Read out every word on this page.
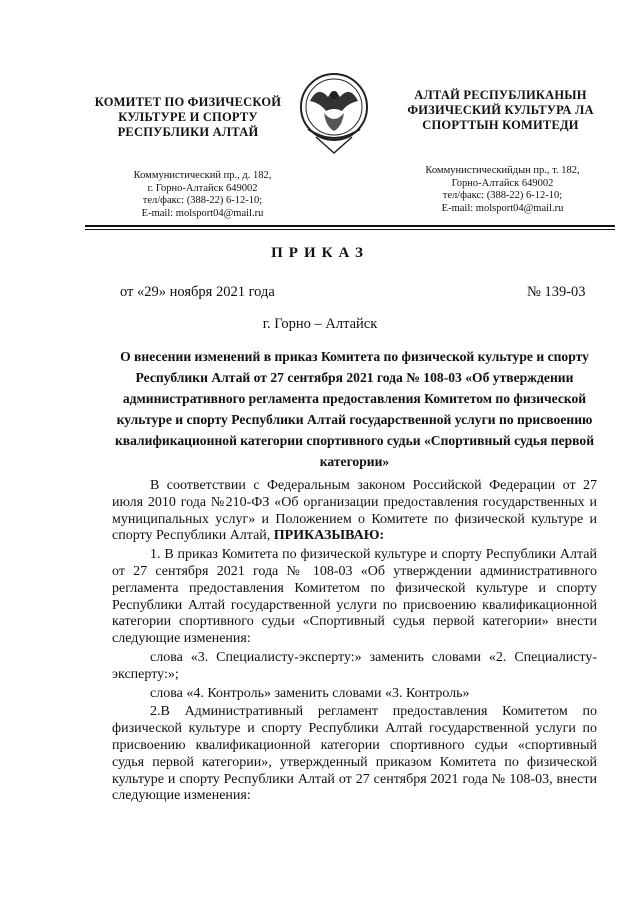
КОМИТЕТ ПО ФИЗИЧЕСКОЙ
КУЛЬТУРЕ И СПОРТУ
РЕСПУБЛИКИ АЛТАЙ
АЛТАЙ РЕСПУБЛИКАНЫН
ФИЗИЧЕСКИЙ КУЛЬТУРА ЛА
СПОРТТЫН КОМИТЕДИ
Коммунистический пр., д. 182,
г. Горно-Алтайск 649002
тел/факс: (388-22) 6-12-10;
E-mail: molsport04@mail.ru
Коммунистическийдын пр., т. 182,
Горно-Алтайск 649002
тел/факс: (388-22) 6-12-10;
E-mail: molsport04@mail.ru
ПРИКАЗ
от «29» ноября 2021 года	№ 139-03
г. Горно – Алтайск
О внесении изменений в приказ Комитета по физической культуре и спорту Республики Алтай от 27 сентября 2021 года № 108-03 «Об утверждении административного регламента предоставления Комитетом по физической культуре и спорту Республики Алтай государственной услуги по присвоению квалификационной категории спортивного судьи «Спортивный судья первой категории»

В соответствии с Федеральным законом Российской Федерации от 27 июля 2010 года №210-ФЗ «Об организации предоставления государственных и муниципальных услуг» и Положением о Комитете по физической культуре и спорту Республики Алтай, ПРИКАЗЫВАЮ:

1. В приказ Комитета по физической культуре и спорту Республики Алтай от 27 сентября 2021 года № 108-03 «Об утверждении административного регламента предоставления Комитетом по физической культуре и спорту Республики Алтай государственной услуги по присвоению квалификационной категории спортивного судьи «Спортивный судья первой категории» внести следующие изменения:

слова «3. Специалисту-эксперту:» заменить словами «2. Специалисту-эксперту:»;

слова «4. Контроль» заменить словами «3. Контроль»

2.В Административный регламент предоставления Комитетом по физической культуре и спорту Республики Алтай государственной услуги по присвоению квалификационной категории спортивного судьи «спортивный судья первой категории», утвержденный приказом Комитета по физической культуре и спорту Республики Алтай от 27 сентября 2021 года № 108-03, внести следующие изменения:
